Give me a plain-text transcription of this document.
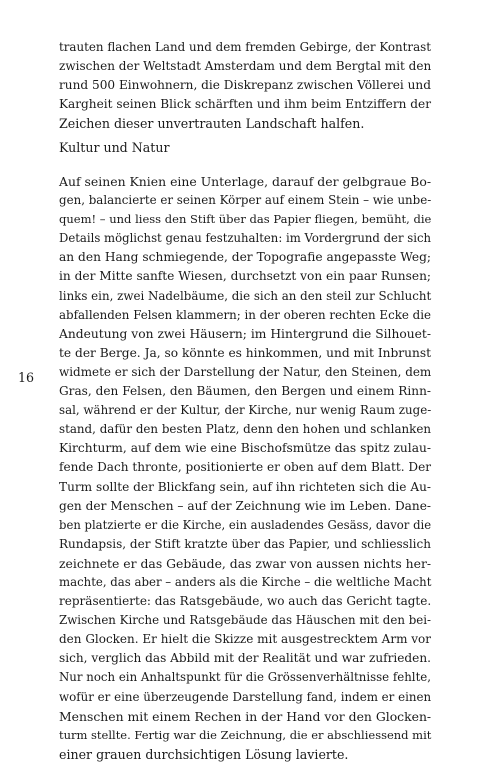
trauten flachen Land und dem fremden Gebirge, der Kontrast
zwischen der Weltstadt Amsterdam und dem Bergtal mit den
rund 500 Einwohnern, die Diskrepanz zwischen Völlerei und
Kargheit seinen Blick schärften und ihm beim Entziffern der
Zeichen dieser unvertrauten Landschaft halfen.
Kultur und Natur
Auf seinen Knien eine Unterlage, darauf der gelbgraue Bo-
gen, balancierte er seinen Körper auf einem Stein – wie unbe-
quem! – und liess den Stift über das Papier fliegen, bemüht, die
Details möglichst genau festzuhalten: im Vordergrund der sich
an den Hang schmiegende, der Topografie angepasste Weg;
in der Mitte sanfte Wiesen, durchsetzt von ein paar Runsen;
links ein, zwei Nadelbäume, die sich an den steil zur Schlucht
abfallenden Felsen klammern; in der oberen rechten Ecke die
Andeutung von zwei Häusern; im Hintergrund die Silhouet-
te der Berge. Ja, so könnte es hinkommen, und mit Inbrunst
widmete er sich der Darstellung der Natur, den Steinen, dem
Gras, den Felsen, den Bäumen, den Bergen und einem Rinn-
sal, während er der Kultur, der Kirche, nur wenig Raum zuge-
stand, dafür den besten Platz, denn den hohen und schlanken
Kirchturm, auf dem wie eine Bischofsmütze das spitz zulau-
fende Dach thronte, positionierte er oben auf dem Blatt. Der
Turm sollte der Blickfang sein, auf ihn richteten sich die Au-
gen der Menschen – auf der Zeichnung wie im Leben. Dane-
ben platzierte er die Kirche, ein ausladendes Gesäss, davor die
Rundapsis, der Stift kratzte über das Papier, und schliesslich
zeichnete er das Gebäude, das zwar von aussen nichts her-
machte, das aber – anders als die Kirche – die weltliche Macht
repräsentierte: das Ratsgebäude, wo auch das Gericht tagte.
Zwischen Kirche und Ratsgebäude das Häuschen mit den bei-
den Glocken. Er hielt die Skizze mit ausgestrecktem Arm vor
sich, verglich das Abbild mit der Realität und war zufrieden.
Nur noch ein Anhaltspunkt für die Grössenverhältnisse fehlte,
wofür er eine überzeugende Darstellung fand, indem er einen
Menschen mit einem Rechen in der Hand vor den Glocken-
turm stellte. Fertig war die Zeichnung, die er abschliessend mit
einer grauen durchsichtigen Lösung lavierte.
16
